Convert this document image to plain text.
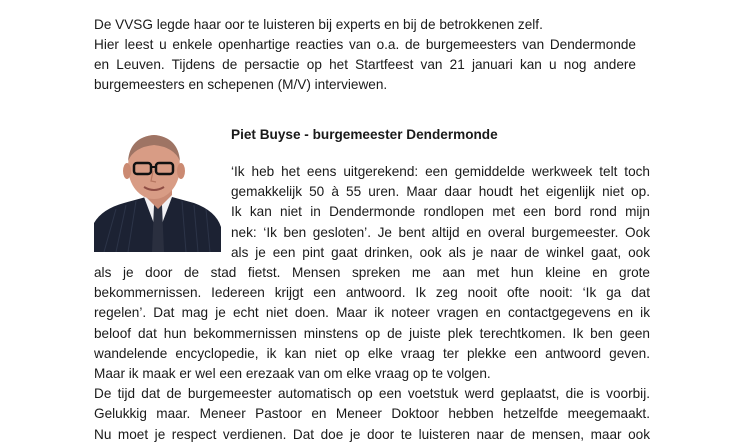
De VVSG legde haar oor te luisteren bij experts en bij de betrokkenen zelf.

Hier leest u enkele openhartige reacties van o.a. de burgemeesters van Dendermonde
en Leuven. Tijdens de persactie op het Startfeest van 21 januari kan u nog andere
burgemeesters en schepenen (M/V) interviewen.
Piet Buyse - burgemeester Dendermonde
‘Ik heb het eens uitgerekend: een gemiddelde werkweek telt toch
gemakkelijk 50 à 55 uren. Maar daar houdt het eigenlijk niet op.
Ik kan niet in Dendermonde rondlopen met een bord rond mijn
nek: ‘Ik ben gesloten’. Je bent altijd en overal burgemeester. Ook
als je een pint gaat drinken, ook als je naar de winkel gaat, ook
als je door de stad fietst. Mensen spreken me aan met hun kleine en grote
bekommernissen. Iedereen krijgt een antwoord. Ik zeg nooit ofte nooit: ‘Ik ga dat
regelen’. Dat mag je echt niet doen. Maar ik noteer vragen en contactgegevens en ik
beloof dat hun bekommernissen minstens op de juiste plek terechtkomen. Ik ben geen
wandelende encyclopedie, ik kan niet op elke vraag ter plekke een antwoord geven.
Maar ik maak er wel een erezaak van om elke vraag op te volgen.
De tijd dat de burgemeester automatisch op een voetstuk werd geplaatst, die is voorbij.
Gelukkig maar. Meneer Pastoor en Meneer Doktoor hebben hetzelfde meegemaakt.
Nu moet je respect verdienen. Dat doe je door te luisteren naar de mensen, maar ook
